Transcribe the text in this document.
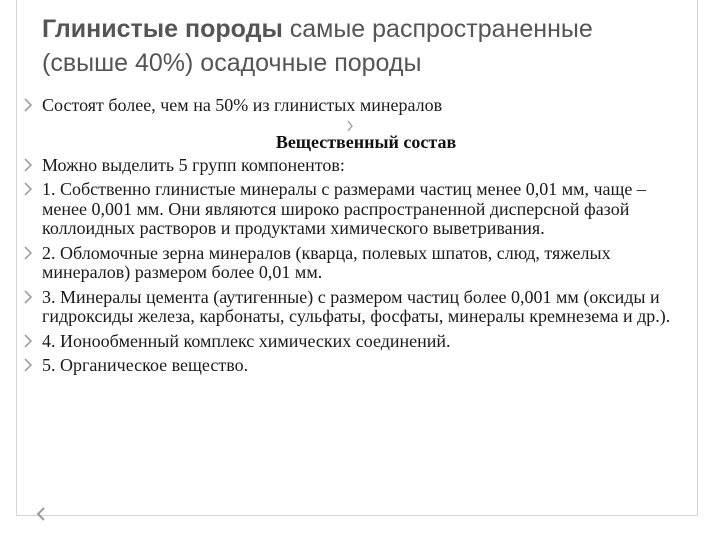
Глинистые породы самые распространенные (свыше 40%) осадочные породы
Состоят более, чем на 50% из глинистых минералов
Вещественный состав
Можно выделить 5 групп компонентов:
1. Собственно глинистые минералы с размерами частиц менее 0,01 мм, чаще – менее 0,001 мм. Они являются широко распространенной дисперсной фазой коллоидных растворов и продуктами химического выветривания.
2. Обломочные зерна минералов (кварца, полевых шпатов, слюд, тяжелых минералов) размером более 0,01 мм.
3. Минералы цемента (аутигенные) с размером частиц более 0,001 мм (оксиды и гидроксиды железа, карбонаты, сульфаты, фосфаты, минералы кремнезема и др.).
4. Ионообменный комплекс химических соединений.
5. Органическое вещество.
